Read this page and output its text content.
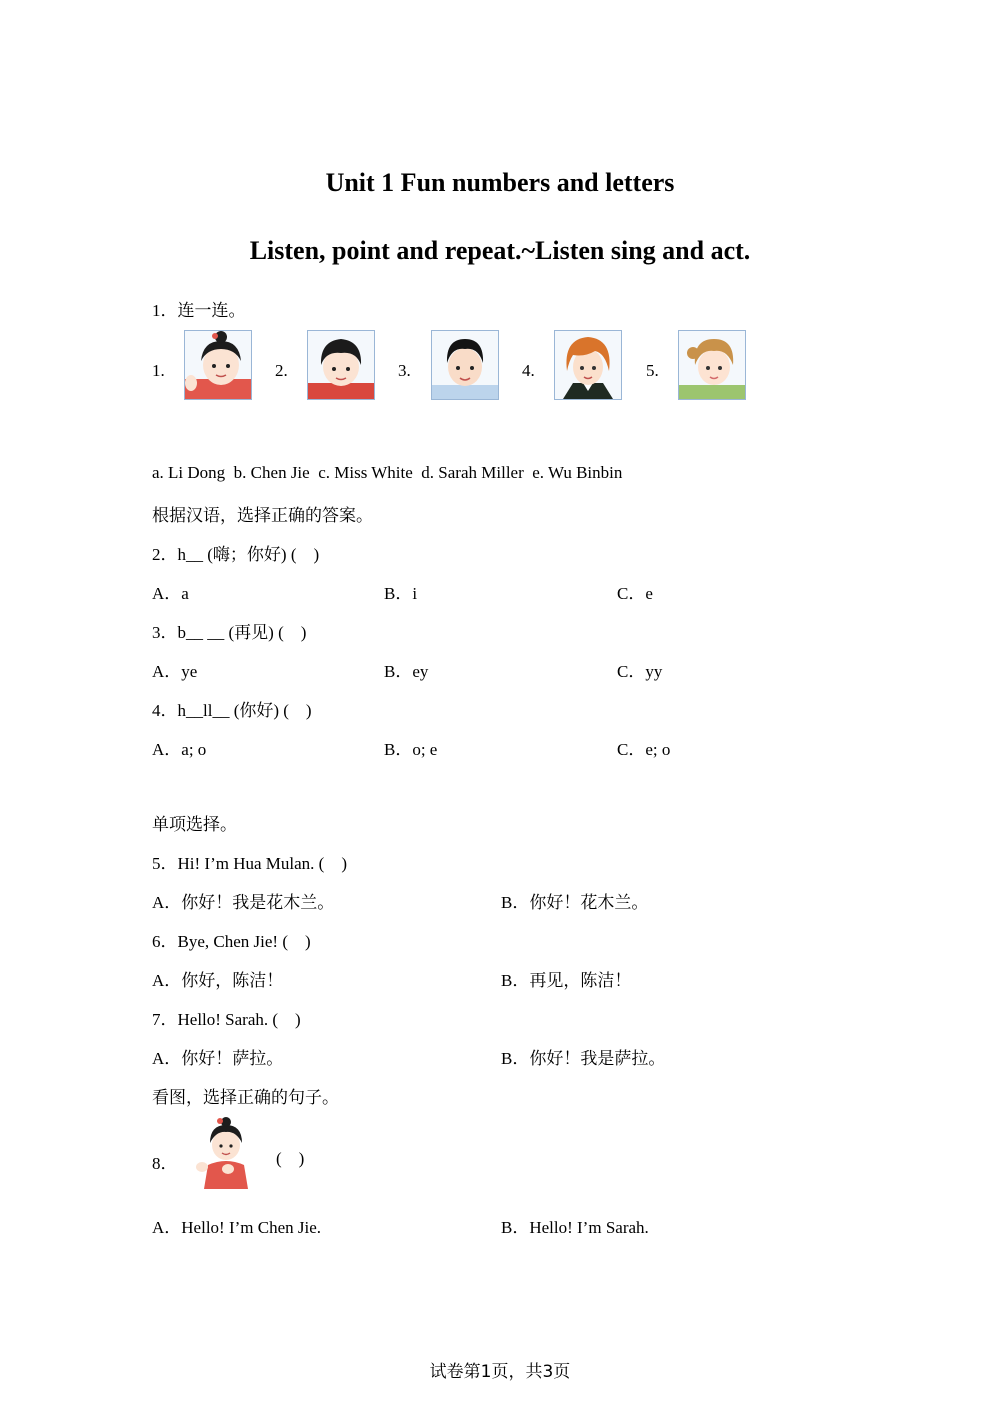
Unit 1 Fun numbers and letters
Listen, point and repeat.~Listen sing and act.
1．连一连。
1.	2.	3.	4.	5.
a. Li Dong  b. Chen Jie  c. Miss White  d. Sarah Miller  e. Wu Binbin
根据汉语，选择正确的答案。
2．h__ (嗨；你好) (    )
A．a	B．i	C．e
3．b__ __ (再见) (    )
A．ye	B．ey	C．yy
4．h__ll__ (你好) (    )
A．a; o	B．o; e	C．e; o
单项选择。
5．Hi! I’m Hua Mulan. (    )
A．你好！我是花木兰。	B．你好！花木兰。
6．Bye, Chen Jie! (    )
A．你好，陈洁！	B．再见，陈洁！
7．Hello! Sarah. (    )
A．你好！萨拉。	B．你好！我是萨拉。
看图，选择正确的句子。
8．	(    )
A．Hello! I’m Chen Jie.	B．Hello! I’m Sarah.
试卷第1页，共3页
